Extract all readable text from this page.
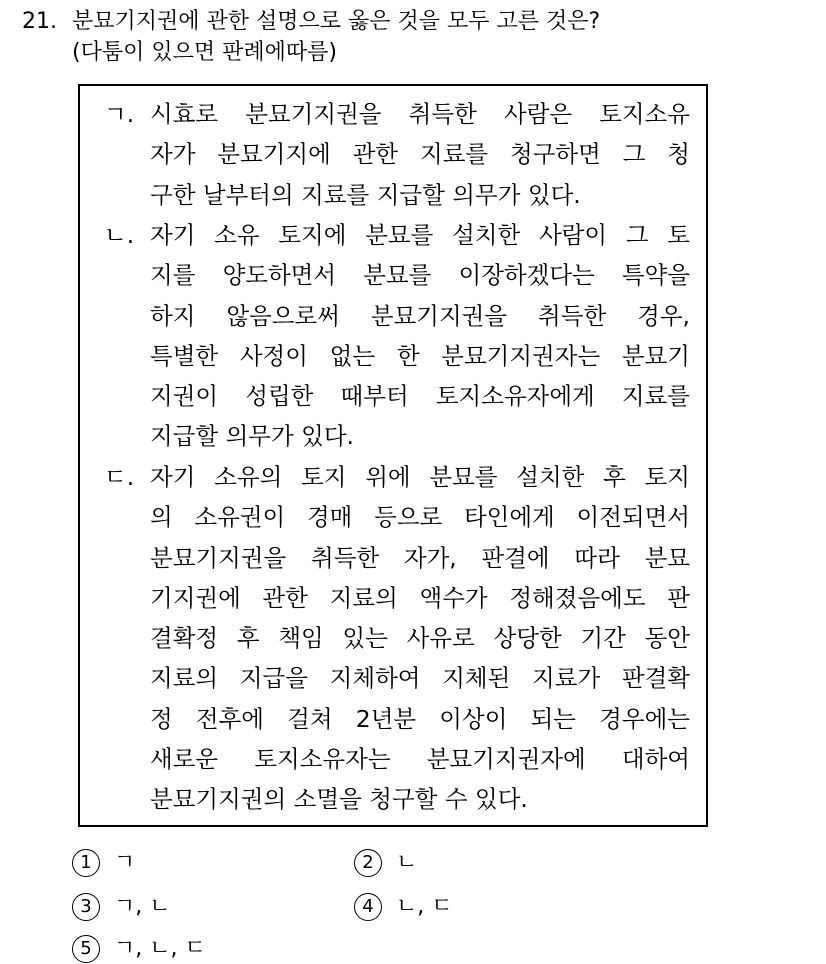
21. 분묘기지권에 관한 설명으로 옳은 것을 모두 고른 것은?
(다툼이 있으면 판례에따름)
ㄱ. 시효로 분묘기지권을 취득한 사람은 토지소유
자가 분묘기지에 관한 지료를 청구하면 그 청
구한 날부터의 지료를 지급할 의무가 있다.
ㄴ. 자기 소유 토지에 분묘를 설치한 사람이 그 토
지를 양도하면서 분묘를 이장하겠다는 특약을
하지 않음으로써 분묘기지권을 취득한 경우,
특별한 사정이 없는 한 분묘기지권자는 분묘기
지권이 성립한 때부터 토지소유자에게 지료를
지급할 의무가 있다.
ㄷ. 자기 소유의 토지 위에 분묘를 설치한 후 토지
의 소유권이 경매 등으로 타인에게 이전되면서
분묘기지권을 취득한 자가, 판결에 따라 분묘
기지권에 관한 지료의 액수가 정해졌음에도 판
결확정 후 책임 있는 사유로 상당한 기간 동안
지료의 지급을 지체하여 지체된 지료가 판결확
정 전후에 걸쳐 2년분 이상이 되는 경우에는
새로운 토지소유자는 분묘기지권자에 대하여
분묘기지권의 소멸을 청구할 수 있다.
1 ㄱ	2 ㄴ
3 ㄱ, ㄴ	4 ㄴ, ㄷ
5 ㄱ, ㄴ, ㄷ
